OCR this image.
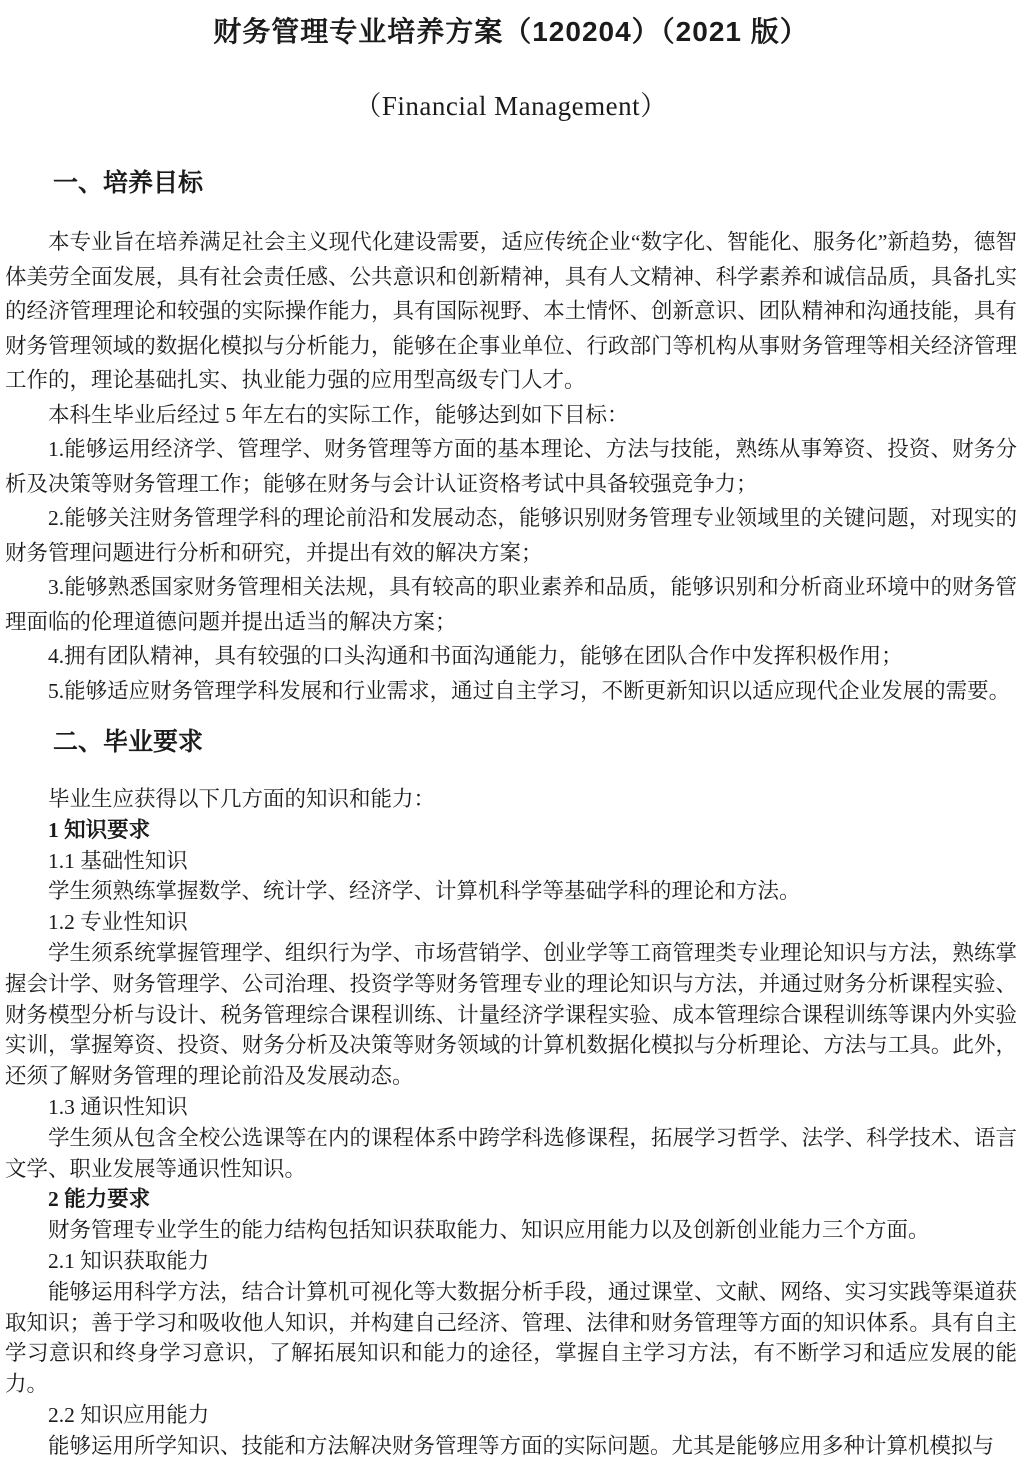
财务管理专业培养方案（120204）（2021 版）
（Financial Management）
一、培养目标

本专业旨在培养满足社会主义现代化建设需要，适应传统企业“数字化、智能化、服务化”新趋势，德智体美劳全面发展，具有社会责任感、公共意识和创新精神，具有人文精神、科学素养和诚信品质，具备扎实的经济管理理论和较强的实际操作能力，具有国际视野、本土情怀、创新意识、团队精神和沟通技能，具有财务管理领域的数据化模拟与分析能力，能够在企事业单位、行政部门等机构从事财务管理等相关经济管理工作的，理论基础扎实、执业能力强的应用型高级专门人才。

本科生毕业后经过 5 年左右的实际工作，能够达到如下目标：

1.能够运用经济学、管理学、财务管理等方面的基本理论、方法与技能，熟练从事筹资、投资、财务分析及决策等财务管理工作；能够在财务与会计认证资格考试中具备较强竞争力；

2.能够关注财务管理学科的理论前沿和发展动态，能够识别财务管理专业领域里的关键问题，对现实的财务管理问题进行分析和研究，并提出有效的解决方案；

3.能够熟悉国家财务管理相关法规，具有较高的职业素养和品质，能够识别和分析商业环境中的财务管理面临的伦理道德问题并提出适当的解决方案；

4.拥有团队精神，具有较强的口头沟通和书面沟通能力，能够在团队合作中发挥积极作用；

5.能够适应财务管理学科发展和行业需求，通过自主学习，不断更新知识以适应现代企业发展的需要。

二、毕业要求

毕业生应获得以下几方面的知识和能力：

1 知识要求

1.1 基础性知识

学生须熟练掌握数学、统计学、经济学、计算机科学等基础学科的理论和方法。

1.2 专业性知识

学生须系统掌握管理学、组织行为学、市场营销学、创业学等工商管理类专业理论知识与方法，熟练掌握会计学、财务管理学、公司治理、投资学等财务管理专业的理论知识与方法，并通过财务分析课程实验、财务模型分析与设计、税务管理综合课程训练、计量经济学课程实验、成本管理综合课程训练等课内外实验实训，掌握筹资、投资、财务分析及决策等财务领域的计算机数据化模拟与分析理论、方法与工具。此外，还须了解财务管理的理论前沿及发展动态。

1.3 通识性知识

学生须从包含全校公选课等在内的课程体系中跨学科选修课程，拓展学习哲学、法学、科学技术、语言文学、职业发展等通识性知识。

2 能力要求

财务管理专业学生的能力结构包括知识获取能力、知识应用能力以及创新创业能力三个方面。

2.1 知识获取能力

能够运用科学方法，结合计算机可视化等大数据分析手段，通过课堂、文献、网络、实习实践等渠道获取知识；善于学习和吸收他人知识，并构建自己经济、管理、法律和财务管理等方面的知识体系。具有自主学习意识和终身学习意识，了解拓展知识和能力的途径，掌握自主学习方法，有不断学习和适应发展的能力。

2.2 知识应用能力

能够运用所学知识、技能和方法解决财务管理等方面的实际问题。尤其是能够应用多种计算机模拟与
